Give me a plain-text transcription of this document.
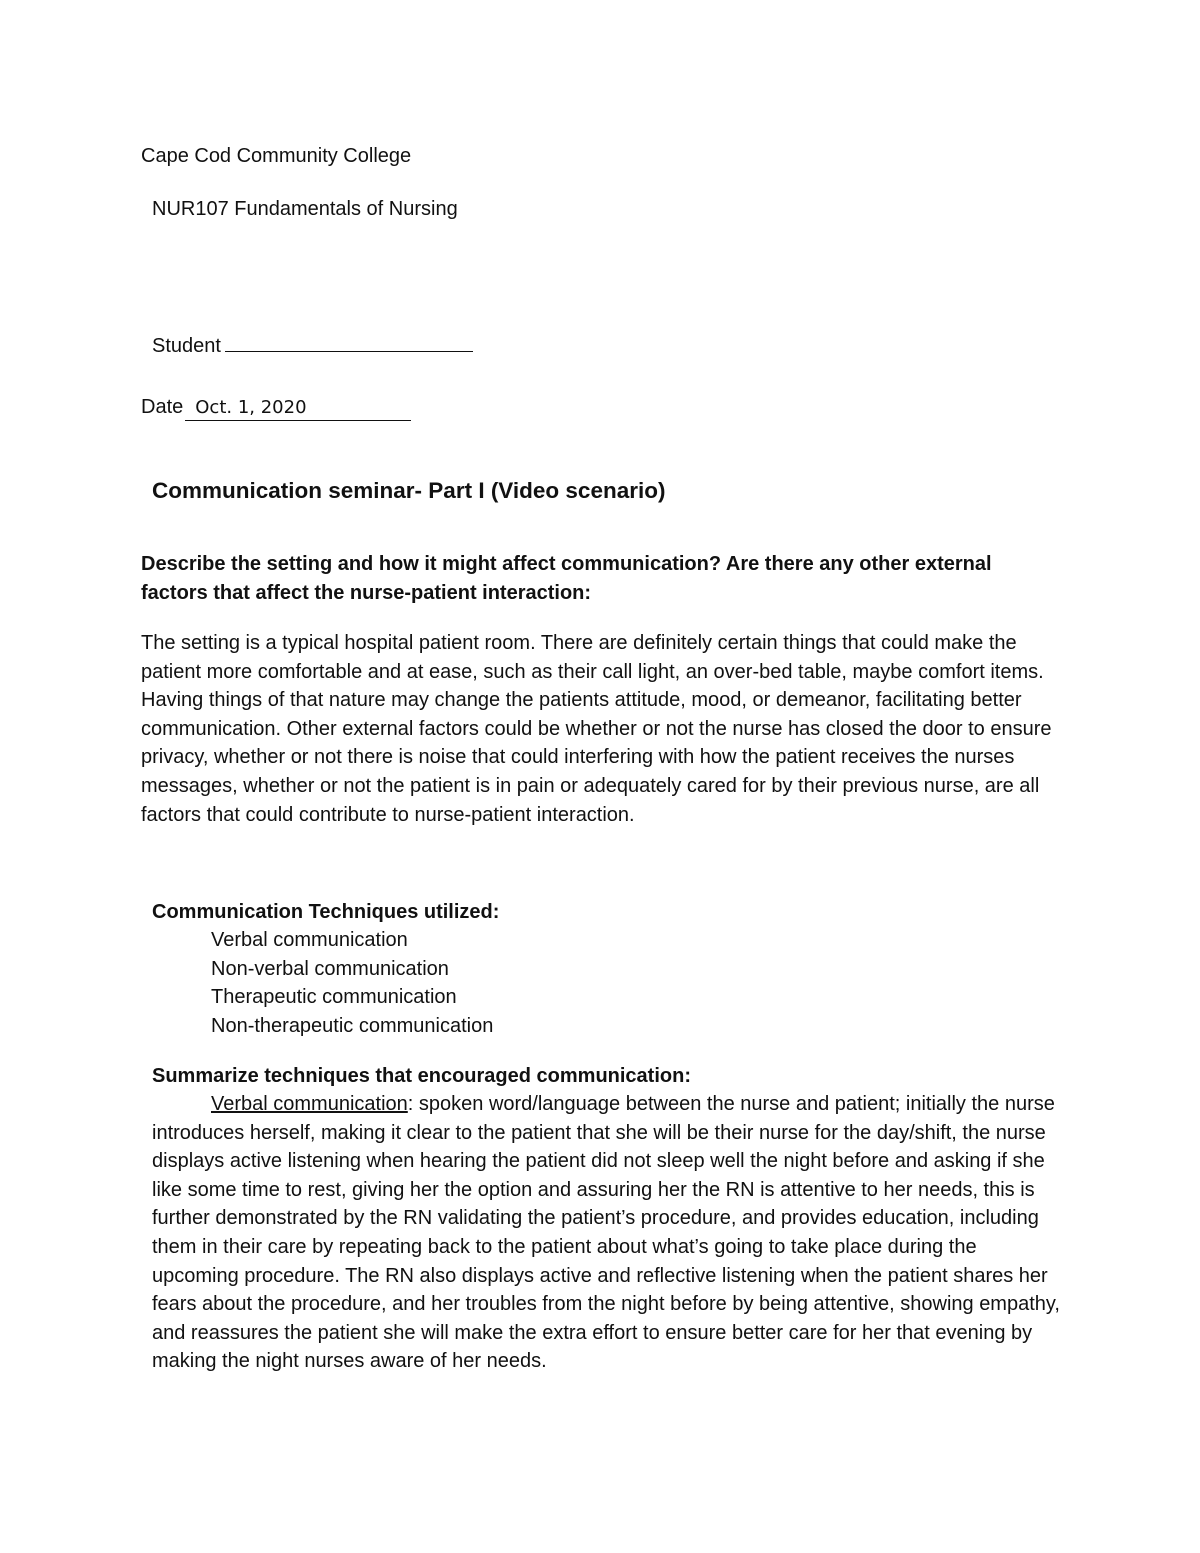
Cape Cod Community College
NUR107 Fundamentals of Nursing
Student
Date Oct. 1, 2020
Communication seminar- Part I (Video scenario)

Describe the setting and how it might affect communication? Are there any other external factors that affect the nurse-patient interaction:

The setting is a typical hospital patient room. There are definitely certain things that could make the patient more comfortable and at ease, such as their call light, an over-bed table, maybe comfort items. Having things of that nature may change the patients attitude, mood, or demeanor, facilitating better communication. Other external factors could be whether or not the nurse has closed the door to ensure privacy, whether or not there is noise that could interfering with how the patient receives the nurses messages, whether or not the patient is in pain or adequately cared for by their previous nurse, are all factors that could contribute to nurse-patient interaction.

Communication Techniques utilized:
Verbal communication
Non-verbal communication
Therapeutic communication
Non-therapeutic communication
Summarize techniques that encouraged communication:

Verbal communication: spoken word/language between the nurse and patient; initially the nurse introduces herself, making it clear to the patient that she will be their nurse for the day/shift, the nurse displays active listening when hearing the patient did not sleep well the night before and asking if she like some time to rest, giving her the option and assuring her the RN is attentive to her needs, this is further demonstrated by the RN validating the patient’s procedure, and provides education, including them in their care by repeating back to the patient about what’s going to take place during the upcoming procedure. The RN also displays active and reflective listening when the patient shares her fears about the procedure, and her troubles from the night before by being attentive, showing empathy, and reassures the patient she will make the extra effort to ensure better care for her that evening by making the night nurses aware of her needs.
